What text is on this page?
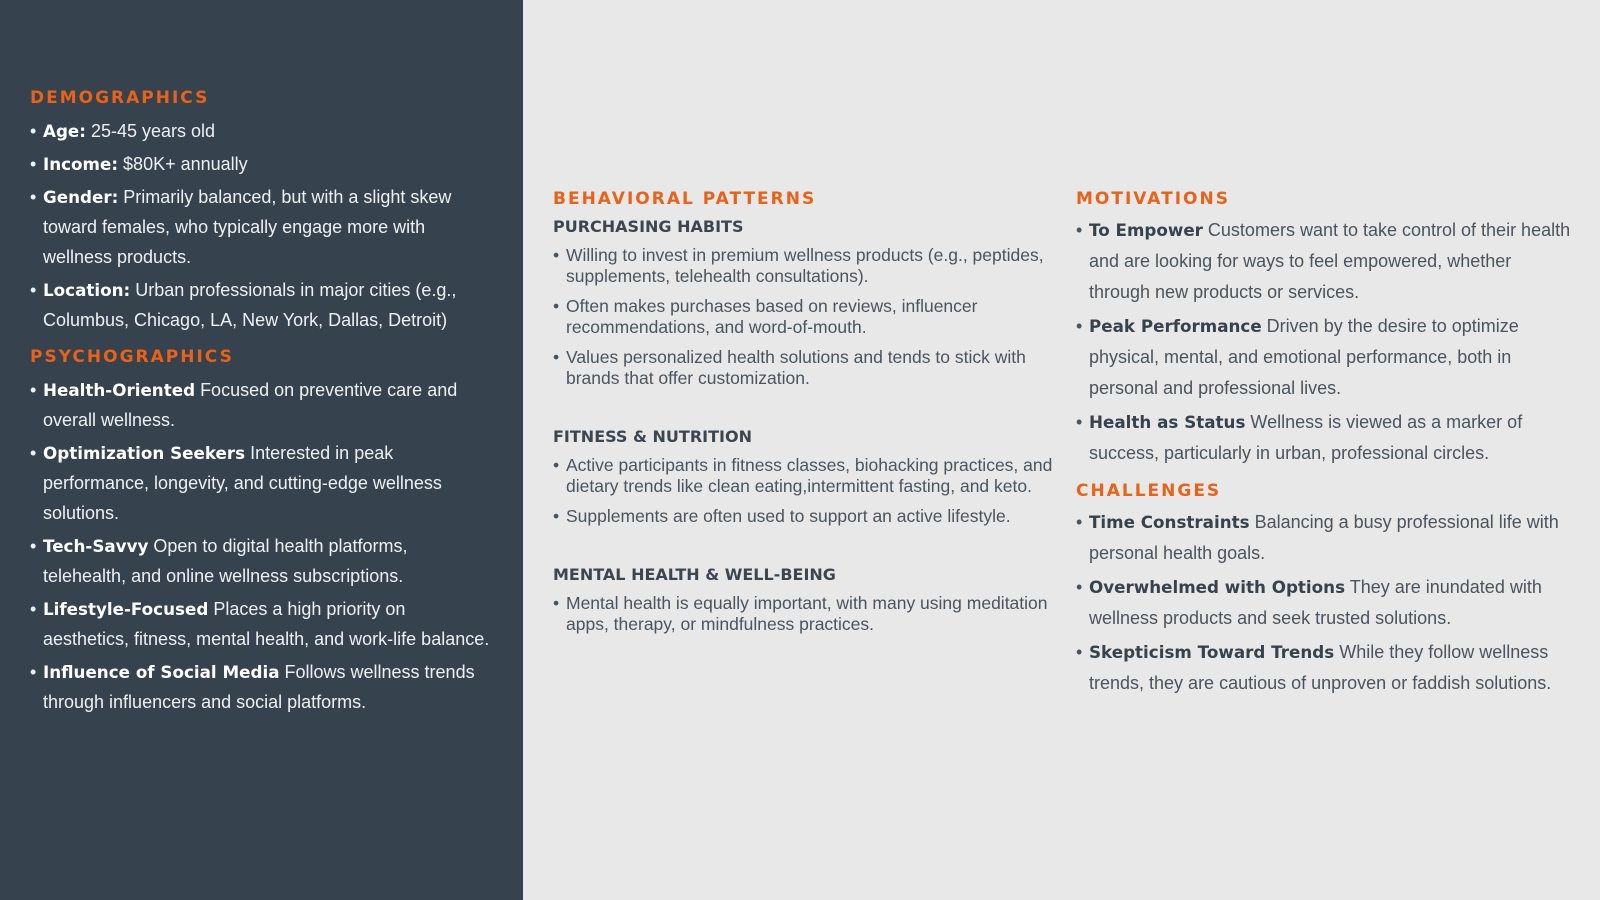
DEMOGRAPHICS
• Age: 25-45 years old
• Income: $80K+ annually
• Gender: Primarily balanced, but with a slight skew toward females, who typically engage more with wellness products.
• Location: Urban professionals in major cities (e.g., Columbus, Chicago, LA, New York, Dallas, Detroit)
PSYCHOGRAPHICS
• Health-Oriented Focused on preventive care and overall wellness.
• Optimization Seekers Interested in peak performance, longevity, and cutting-edge wellness solutions.
• Tech-Savvy Open to digital health platforms, telehealth, and online wellness subscriptions.
• Lifestyle-Focused Places a high priority on aesthetics, fitness, mental health, and work-life balance.
• Influence of Social Media Follows wellness trends through influencers and social platforms.
BEHAVIORAL PATTERNS
PURCHASING HABITS
• Willing to invest in premium wellness products (e.g., peptides, supplements, telehealth consultations).
• Often makes purchases based on reviews, influencer recommendations, and word-of-mouth.
• Values personalized health solutions and tends to stick with brands that offer customization.
FITNESS & NUTRITION
• Active participants in fitness classes, biohacking practices, and dietary trends like clean eating,intermittent fasting, and keto.
• Supplements are often used to support an active lifestyle.
MENTAL HEALTH & WELL-BEING
• Mental health is equally important, with many using meditation apps, therapy, or mindfulness practices.
MOTIVATIONS
• To Empower Customers want to take control of their health and are looking for ways to feel empowered, whether through new products or services.
• Peak Performance Driven by the desire to optimize physical, mental, and emotional performance, both in personal and professional lives.
• Health as Status Wellness is viewed as a marker of success, particularly in urban, professional circles.
CHALLENGES
• Time Constraints Balancing a busy professional life with personal health goals.
• Overwhelmed with Options They are inundated with wellness products and seek trusted solutions.
• Skepticism Toward Trends While they follow wellness trends, they are cautious of unproven or faddish solutions.
